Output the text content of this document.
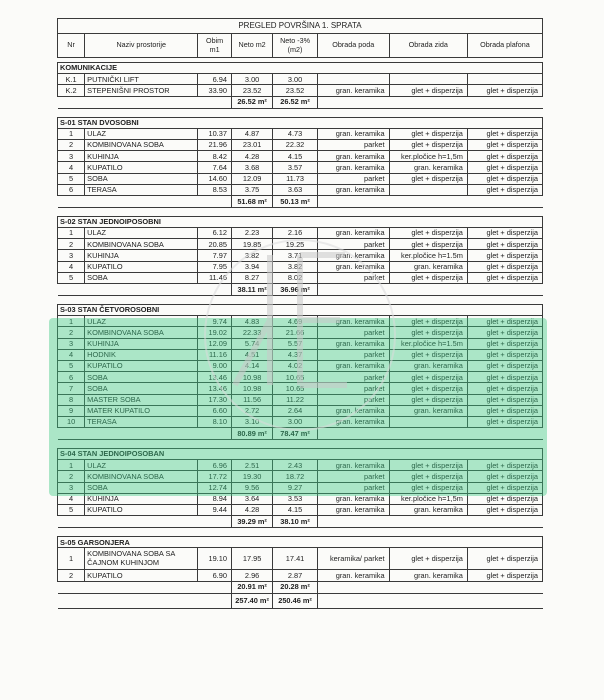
PREGLED POVRŠINA 1. SPRATA							
Nr	Naziv prostorije	Obim m1	Neto m2	Neto -3% (m2)	Obrada poda	Obrada zida	Obrada plafona

KOMUNIKACIJE							
K.1	PUTNIČKI LIFT	6.94	3.00	3.00			
K.2	STEPENIŠNI PROSTOR	33.90	23.52	23.52	gran. keramika	glet + disperzija	glet + disperzija
			26.52 m²	26.52 m²			

S-01 STAN DVOSOBNI							
1	ULAZ	10.37	4.87	4.73	gran. keramika	glet + disperzija	glet + disperzija
2	KOMBINOVANA SOBA	21.96	23.01	22.32	parket	glet + disperzija	glet + disperzija
3	KUHINJA	8.42	4.28	4.15	gran. keramika	ker.pločice h=1,5m	glet + disperzija
4	KUPATILO	7.64	3.68	3.57	gran. keramika	gran. keramika	glet + disperzija
5	SOBA	14.60	12.09	11.73	parket	glet + disperzija	glet + disperzija
6	TERASA	8.53	3.75	3.63	gran. keramika		glet + disperzija
			51.68 m²	50.13 m²			

S-02 STAN JEDNOIPOSOBNI							
1	ULAZ	6.12	2.23	2.16	gran. keramika	glet + disperzija	glet + disperzija
2	KOMBINOVANA SOBA	20.85	19.85	19.25	parket	glet + disperzija	glet + disperzija
3	KUHINJA	7.97	3.82	3.71	gran. keramika	ker.pločice h=1.5m	glet + disperzija
4	KUPATILO	7.95	3.94	3.82	gran. keramika	gran. keramika	glet + disperzija
5	SOBA	11.46	8.27	8.02	parket	glet + disperzija	glet + disperzija
			38.11 m²	36.96 m²			

S-03 STAN ČETVOROSOBNI							
1	ULAZ	9.74	4.83	4.69	gran. keramika	glet + disperzija	glet + disperzija
2	KOMBINOVANA SOBA	19.02	22.33	21.66	parket	glet + disperzija	glet + disperzija
3	KUHINJA	12.09	5.74	5.57	gran. keramika	ker.pločice h=1.5m	glet + disperzija
4	HODNIK	11.16	4.51	4.37	parket	glet + disperzija	glet + disperzija
5	KUPATILO	9.00	4.14	4.02	gran. keramika	gran. keramika	glet + disperzija
6	SOBA	13.46	10.98	10.65	parket	glet + disperzija	glet + disperzija
7	SOBA	13.46	10.98	10.65	parket	glet + disperzija	glet + disperzija
8	MASTER SOBA	17.30	11.56	11.22	parket	glet + disperzija	glet + disperzija
9	MATER KUPATILO	6.60	2.72	2.64	gran. keramika	gran. keramika	glet + disperzija
10	TERASA	8.10	3.10	3.00	gran. keramika		glet + disperzija
			80.89 m²	78.47 m²			

S-04 STAN JEDNOIPOSOBAN							
1	ULAZ	6.96	2.51	2.43	gran. keramika	glet + disperzija	glet + disperzija
2	KOMBINOVANA SOBA	17.72	19.30	18.72	parket	glet + disperzija	glet + disperzija
3	SOBA	12.74	9.56	9.27	parket	glet + disperzija	glet + disperzija
4	KUHINJA	8.94	3.64	3.53	gran. keramika	ker.pločice h=1,5m	glet + disperzija
5	KUPATILO	9.44	4.28	4.15	gran. keramika	gran. keramika	glet + disperzija
			39.29 m²	38.10 m²			

S-05 GARSONJERA							
1	KOMBINOVANA SOBA SA ČAJNOM KUHINJOM	19.10	17.95	17.41	keramika/ parket	glet + disperzija	glet + disperzija
2	KUPATILO	6.90	2.96	2.87	gran. keramika	gran. keramika	glet + disperzija
			20.91 m²	20.28 m²			
			257.40 m²	250.46 m²			
